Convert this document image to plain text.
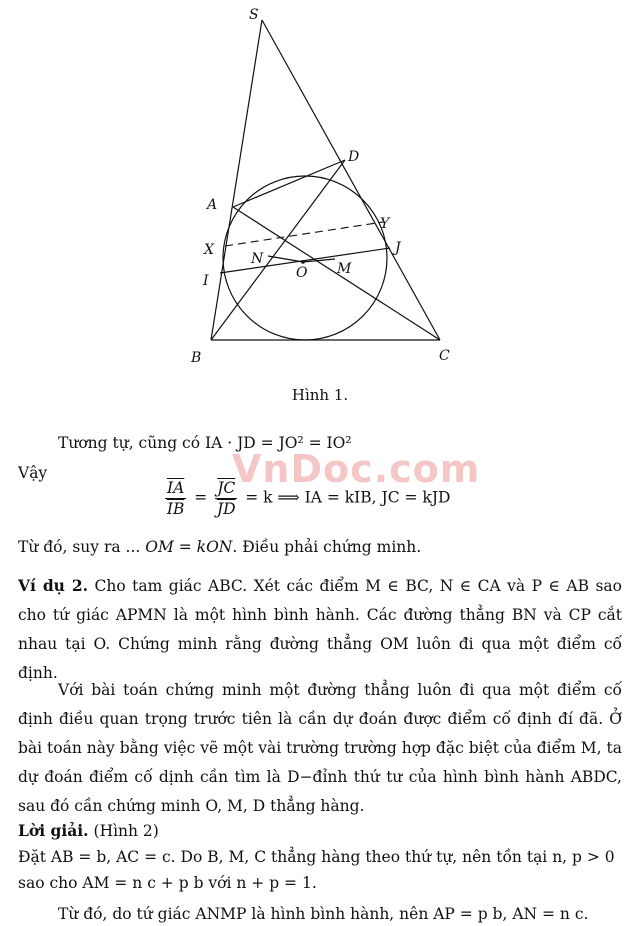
S
D
A
X
Y
J
I
N
O M
B	C
Hình 1.
VnDoc.com
Tương tự, cũng có IA · JD = JO² = IO²
Vậy
$\frac{\overline{IA}}{IB} = \frac{\overline{JC}}{JD} = k$ ⟹ IA = kIB, JC = kJD
Từ đó, suy ra ... OM = kON. Điều phải chứng minh.
Ví dụ 2. Cho tam giác ABC. Xét các điểm M ∈ BC, N ∈ CA và P ∈ AB sao cho tứ giác APMN là một hình bình hành. Các đường thẳng BN và CP cắt nhau tại O. Chứng minh rằng đường thẳng OM luôn đi qua một điểm cố định.
Với bài toán chứng minh một đường thẳng luôn đi qua một điểm cố định điều quan trọng trước tiên là cần dự đoán được điểm cố định đí đã. Ở bài toán này bằng việc vẽ một vài trường trường hợp đặc biệt của điểm M, ta dự đoán điểm cố dịnh cần tìm là D−đỉnh thứ tư của hình bình hành ABDC, sau đó cần chứng minh O, M, D thẳng hàng.
Lời giải. (Hình 2)
Đặt AB = b, AC = c. Do B, M, C thẳng hàng theo thứ tự, nên tồn tại n, p > 0
sao cho AM = n c + p b với n + p = 1.
Từ đó, do tứ giác ANMP là hình bình hành, nên AP = p b, AN = n c.
